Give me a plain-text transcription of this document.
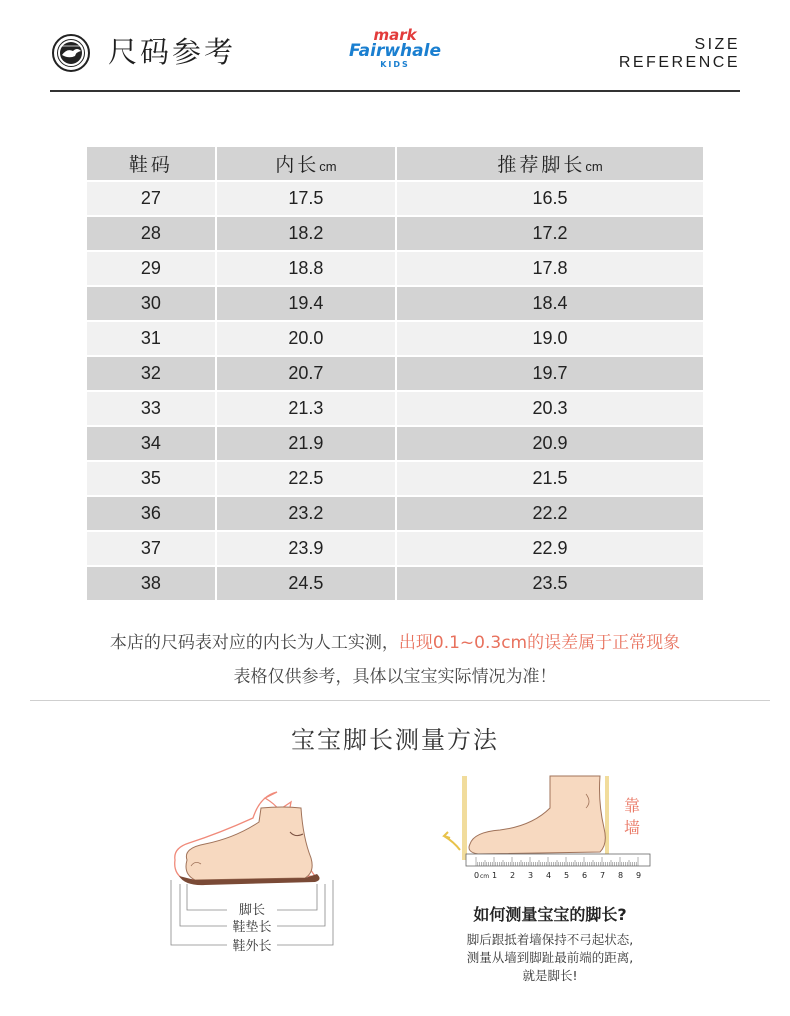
尺码参考	mark
Fairwhale
KIDS
SIZE
REFERENCE
鞋码	内长cm	推荐脚长cm
27	17.5	16.5
28	18.2	17.2
29	18.8	17.8
30	19.4	18.4
31	20.0	19.0
32	20.7	19.7
33	21.3	20.3
34	21.9	20.9
35	22.5	21.5
36	23.2	22.2
37	23.9	22.9
38	24.5	23.5
本店的尺码表对应的内长为人工实测，出现0.1~0.3cm的误差属于正常现象
表格仅供参考，具体以宝宝实际情况为准！
宝宝脚长测量方法
脚长
鞋垫长
鞋外长
0 cm 1 2 3 4 5 6 7 8 9
靠
墙
如何测量宝宝的脚长?
脚后跟抵着墙保持不弓起状态,
测量从墙到脚趾最前端的距离,
就是脚长!
